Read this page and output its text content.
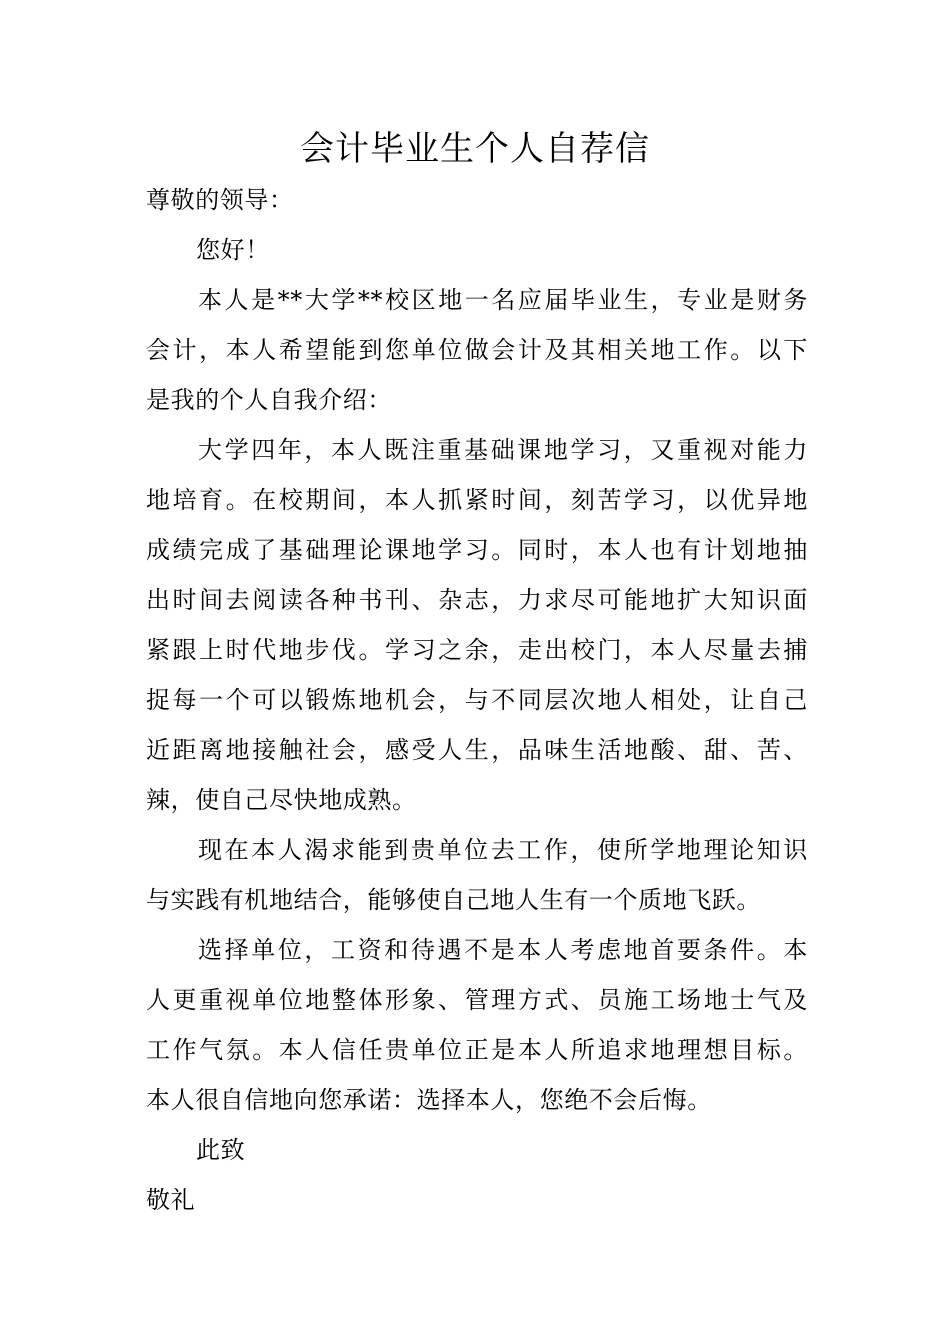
会计毕业生个人自荐信
尊敬的领导：
您好！
本人是**大学**校区地一名应届毕业生，专业是财务
会计，本人希望能到您单位做会计及其相关地工作。以下
是我的个人自我介绍：
大学四年，本人既注重基础课地学习，又重视对能力
地培育。在校期间，本人抓紧时间，刻苦学习，以优异地
成绩完成了基础理论课地学习。同时，本人也有计划地抽
出时间去阅读各种书刊、杂志，力求尽可能地扩大知识面
紧跟上时代地步伐。学习之余，走出校门，本人尽量去捕
捉每一个可以锻炼地机会，与不同层次地人相处，让自己
近距离地接触社会，感受人生，品味生活地酸、甜、苦、
辣，使自己尽快地成熟。
现在本人渴求能到贵单位去工作，使所学地理论知识
与实践有机地结合，能够使自己地人生有一个质地飞跃。
选择单位，工资和待遇不是本人考虑地首要条件。本
人更重视单位地整体形象、管理方式、员施工场地士气及
工作气氛。本人信任贵单位正是本人所追求地理想目标。
本人很自信地向您承诺：选择本人，您绝不会后悔。
此致
敬礼
